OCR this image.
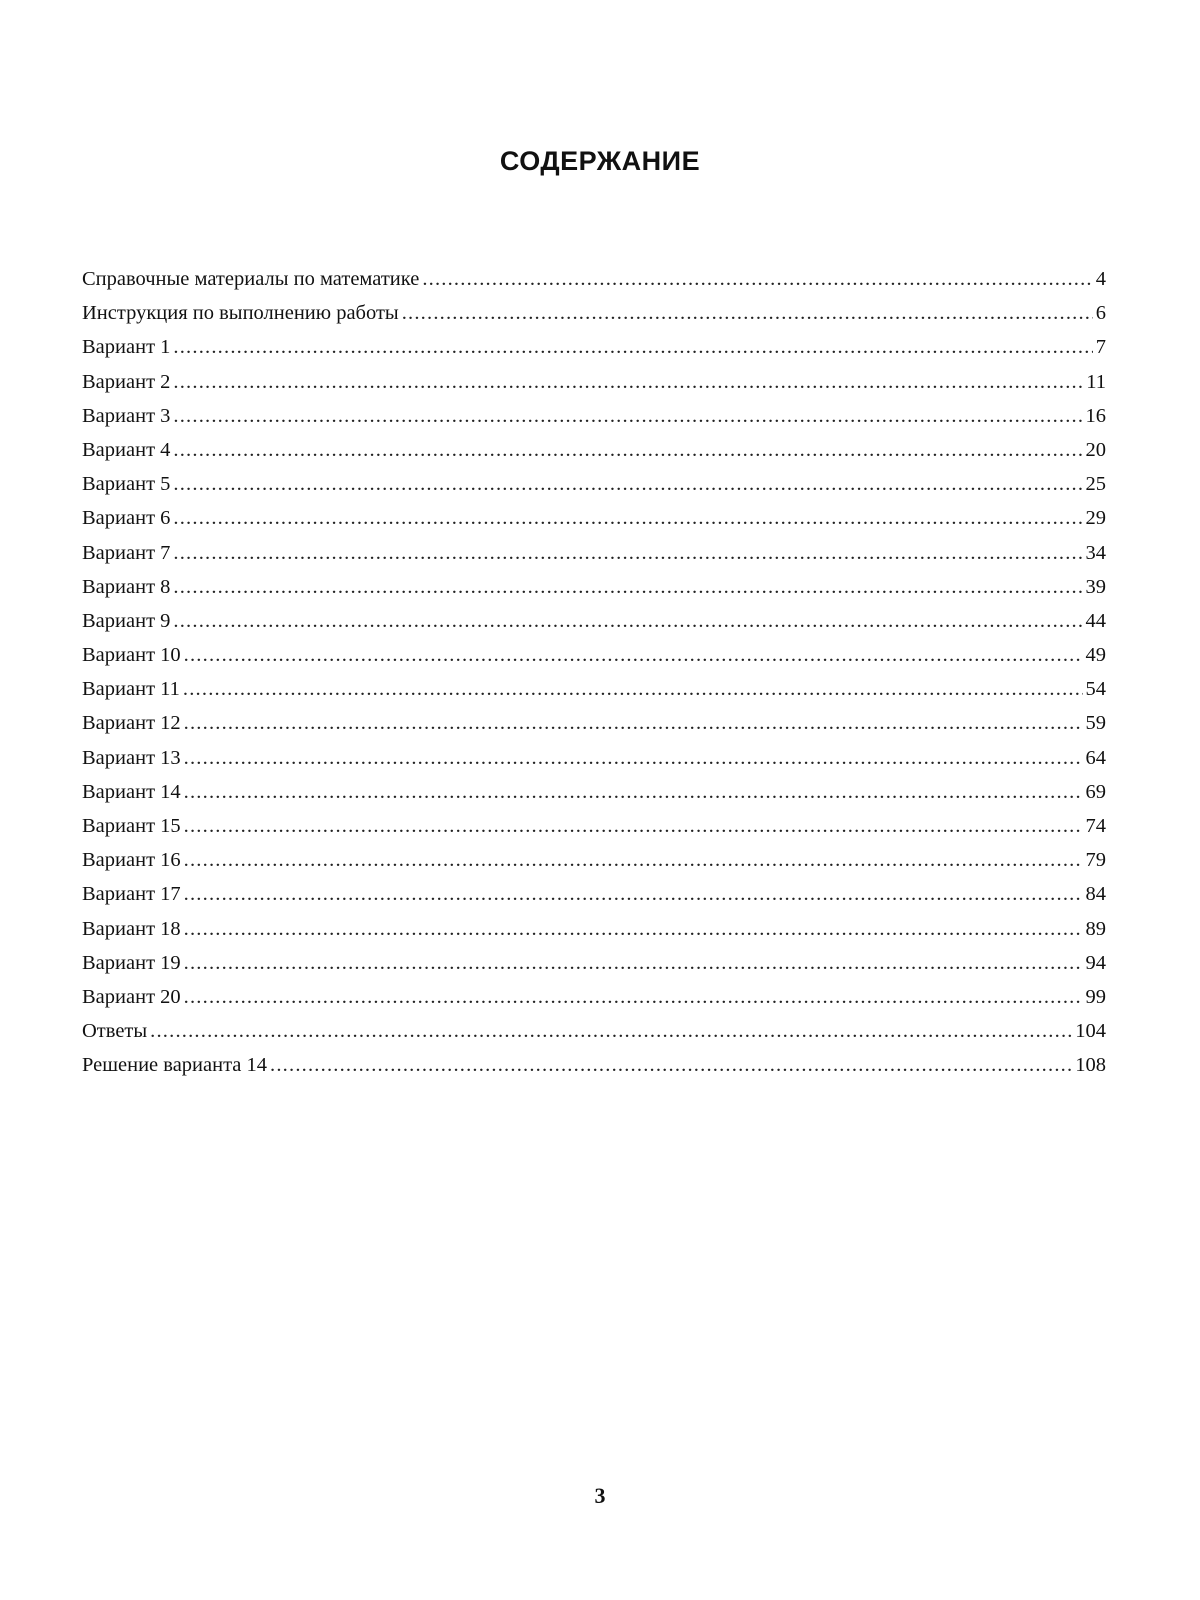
СОДЕРЖАНИЕ
Справочные материалы по математике .....	4
Инструкция по выполнению работы .....	6
Вариант 1 .....	7
Вариант 2 .....	11
Вариант 3 .....	16
Вариант 4 .....	20
Вариант 5 .....	25
Вариант 6 .....	29
Вариант 7 .....	34
Вариант 8 .....	39
Вариант 9 .....	44
Вариант 10 .....	49
Вариант 11 .....	54
Вариант 12 .....	59
Вариант 13 .....	64
Вариант 14 .....	69
Вариант 15 .....	74
Вариант 16 .....	79
Вариант 17 .....	84
Вариант 18 .....	89
Вариант 19 .....	94
Вариант 20 .....	99
Ответы .....	104
Решение варианта 14 .....	108
3
